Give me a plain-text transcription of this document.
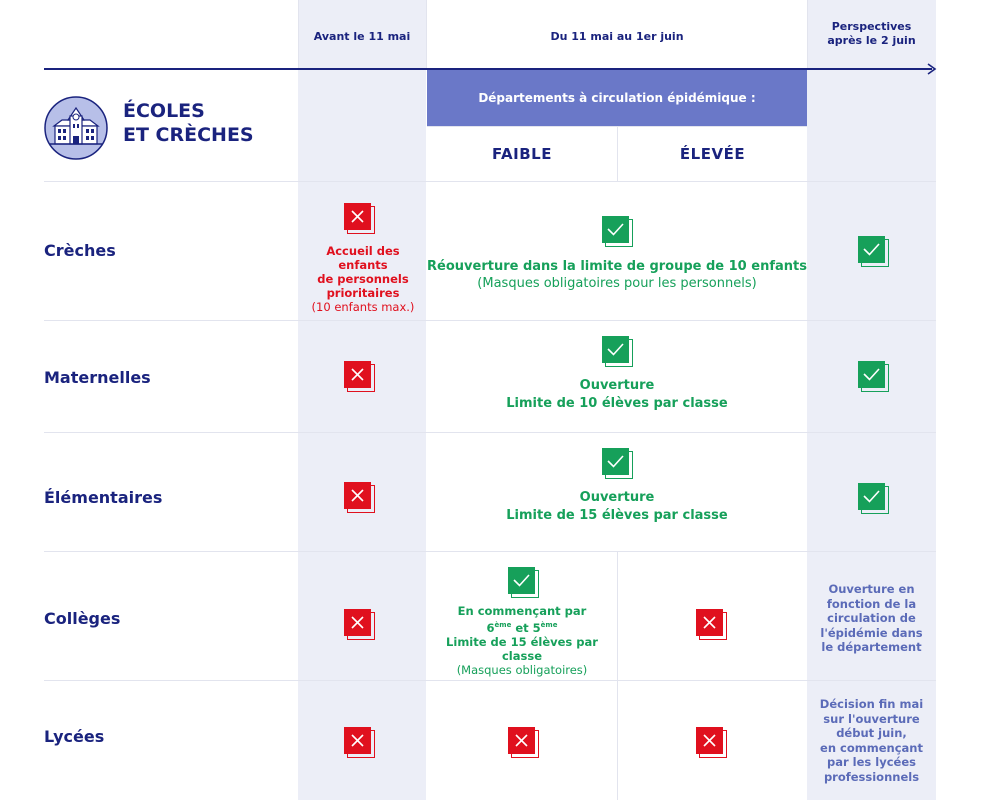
Avant le 11 mai	Du 11 mai au 1er juin
Perspectives
après le 2 juin
Départements à circulation épidémique :
FAIBLE	ÉLEVÉE
ÉCOLES
ET CRÈCHES
Crèches
Maternelles
Élémentaires
Collèges
Lycées
Accueil des enfants
de personnels
prioritaires
(10 enfants max.)
Réouverture dans la limite de groupe de 10 enfants
(Masques obligatoires pour les personnels)
Ouverture
Limite de 10 élèves par classe
Ouverture
Limite de 15 élèves par classe
En commençant par
6ème et 5ème
Limite de 15 élèves par classe
(Masques obligatoires)
Ouverture en
fonction de la
circulation de
l'épidémie dans
le département
Décision fin mai
sur l'ouverture
début juin,
en commençant
par les lycées
professionnels
